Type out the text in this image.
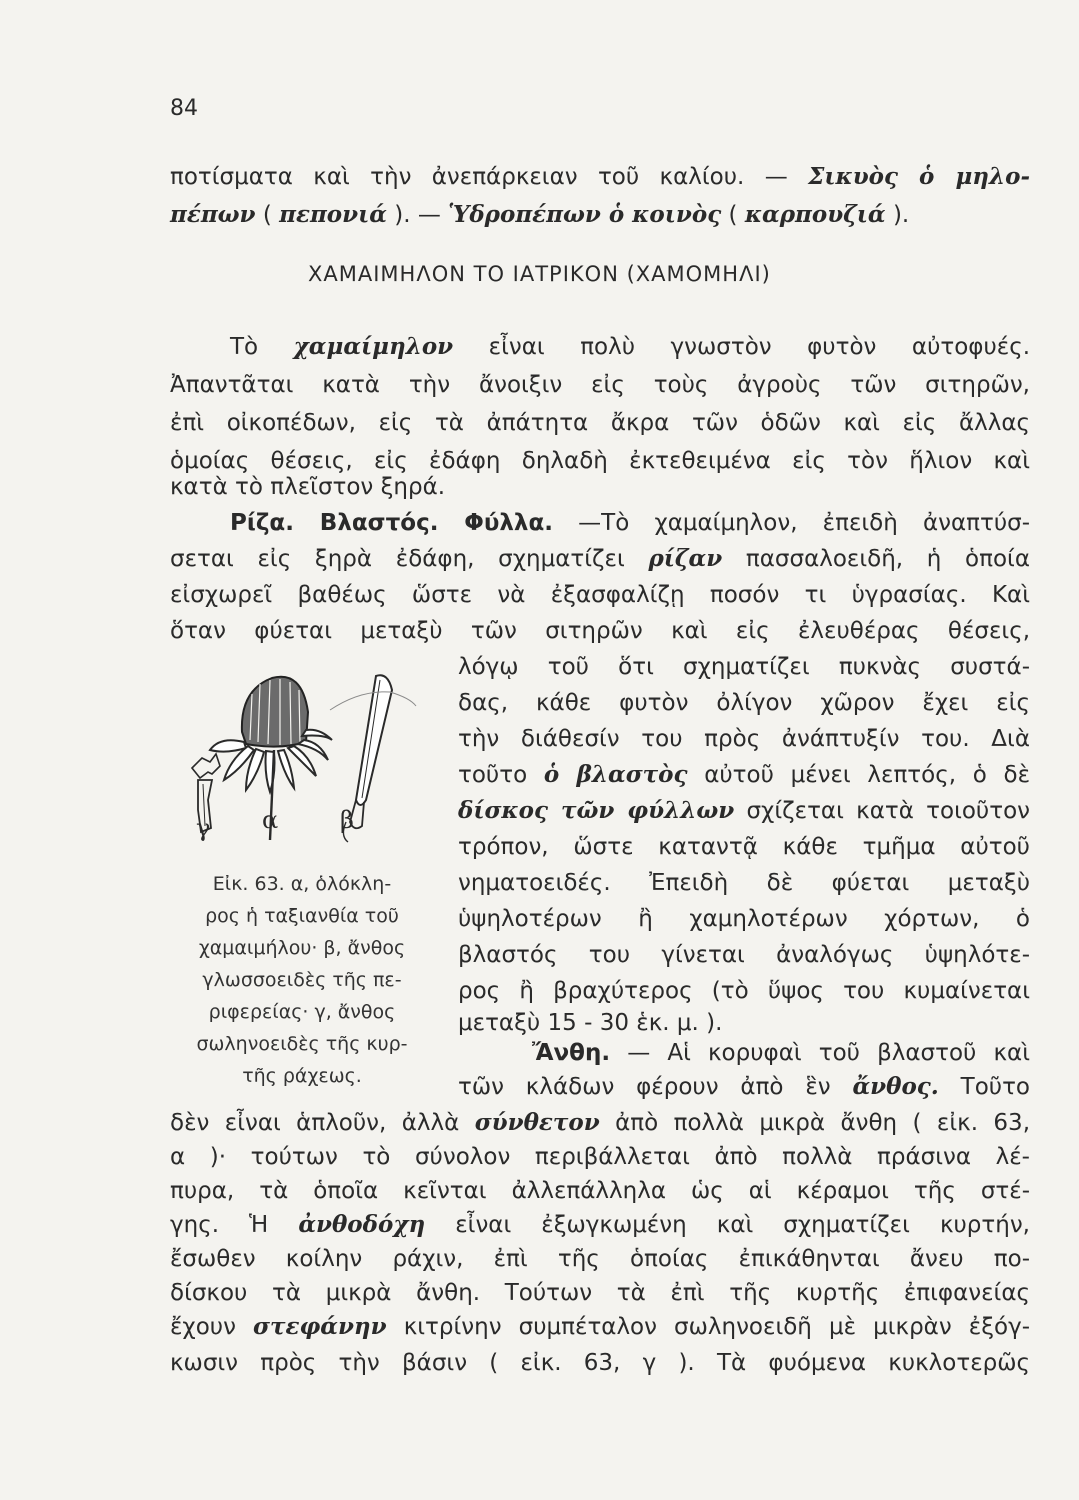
84
ποτίσματα καὶ τὴν ἀνεπάρκειαν τοῦ καλίου. — Σικυὸς ὁ μηλο-
πέπων ( πεπονιά ). — Ὑδροπέπων ὁ κοινὸς ( καρπουζιά ).
ΧΑΜΑΙΜΗΛΟΝ ΤΟ ΙΑΤΡΙΚΟΝ (ΧΑΜΟΜΗΛΙ)
Τὸ χαμαίμηλον εἶναι πολὺ γνωστὸν φυτὸν αὐτοφυές.
Ἀπαντᾶται κατὰ τὴν ἄνοιξιν εἰς τοὺς ἀγροὺς τῶν σιτηρῶν,
ἐπὶ οἰκοπέδων, εἰς τὰ ἀπάτητα ἄκρα τῶν ὁδῶν καὶ εἰς ἄλλας
ὁμοίας θέσεις, εἰς ἐδάφη δηλαδὴ ἐκτεθειμένα εἰς τὸν ἥλιον καὶ
κατὰ τὸ πλεῖστον ξηρά.
Ρίζα. Βλαστός. Φύλλα. —Τὸ χαμαίμηλον, ἐπειδὴ ἀναπτύσ-
σεται εἰς ξηρὰ ἐδάφη, σχηματίζει ρίζαν πασσαλοειδῆ, ἡ ὁποία
εἰσχωρεῖ βαθέως ὥστε νὰ ἐξασφαλίζῃ ποσόν τι ὑγρασίας. Καὶ
ὅταν φύεται μεταξὺ τῶν σιτηρῶν καὶ εἰς ἐλευθέρας θέσεις,
λόγῳ τοῦ ὅτι σχηματίζει πυκνὰς συστά-
δας, κάθε φυτὸν ὀλίγον χῶρον ἔχει εἰς
τὴν διάθεσίν του πρὸς ἀνάπτυξίν του. Διὰ
τοῦτο ὁ βλαστὸς αὐτοῦ μένει λεπτός, ὁ δὲ
δίσκος τῶν φύλλων σχίζεται κατὰ τοιοῦτον
τρόπον, ὥστε καταντᾷ κάθε τμῆμα αὐτοῦ
νηματοειδές. Ἐπειδὴ δὲ φύεται μεταξὺ
ὑψηλοτέρων ἢ χαμηλοτέρων χόρτων, ὁ
βλαστός του γίνεται ἀναλόγως ὑψηλότε-
ρος ἢ βραχύτερος (τὸ ὕψος του κυμαίνεται
μεταξὺ 15 - 30 ἑκ. μ. ).
γ α	β
Εἰκ. 63. α, ὁλόκλη-
ρος ἡ ταξιανθία τοῦ
χαμαιμήλου· β, ἄνθος
γλωσσοειδὲς τῆς πε-
ριφερείας· γ, ἄνθος
σωληνοειδὲς τῆς κυρ-
τῆς ράχεως.
Ἄνθη. — Αἱ κορυφαὶ τοῦ βλαστοῦ καὶ
τῶν κλάδων φέρουν ἀπὸ ἓν ἄνθος. Τοῦτο
δὲν εἶναι ἁπλοῦν, ἀλλὰ σύνθετον ἀπὸ πολλὰ μικρὰ ἄνθη ( εἰκ. 63,
α )· τούτων τὸ σύνολον περιβάλλεται ἀπὸ πολλὰ πράσινα λέ-
πυρα, τὰ ὁποῖα κεῖνται ἀλλεπάλληλα ὡς αἱ κέραμοι τῆς στέ-
γης. Ἡ ἀνθοδόχη εἶναι ἐξωγκωμένη καὶ σχηματίζει κυρτήν,
ἔσωθεν κοίλην ράχιν, ἐπὶ τῆς ὁποίας ἐπικάθηνται ἄνευ πο-
δίσκου τὰ μικρὰ ἄνθη. Τούτων τὰ ἐπὶ τῆς κυρτῆς ἐπιφανείας
ἔχουν στεφάνην κιτρίνην συμπέταλον σωληνοειδῆ μὲ μικρὰν ἐξόγ-
κωσιν πρὸς τὴν βάσιν ( εἰκ. 63, γ ). Τὰ φυόμενα κυκλοτερῶς
